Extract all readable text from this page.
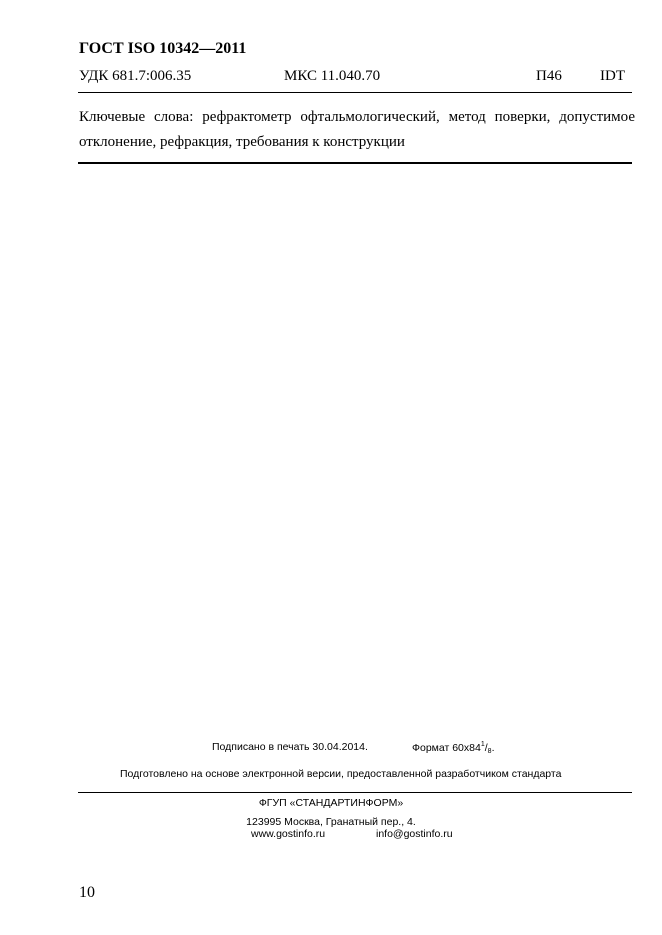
ГОСТ ISO 10342—2011
УДК 681.7:006.35	МКС 11.040.70	П46	IDT

Ключевые слова: рефрактометр офтальмологический, метод поверки, допустимое отклонение, рефракция, требования к конструкции

Подписано в печать 30.04.2014.	Формат $60x84^1/_8$.
Подготовлено на основе электронной версии, предоставленной разработчиком стандарта
ФГУП «СТАНДАРТИНФОРМ»
123995 Москва, Гранатный пер., 4.
www.gostinfo.ru	info@gostinfo.ru
10
